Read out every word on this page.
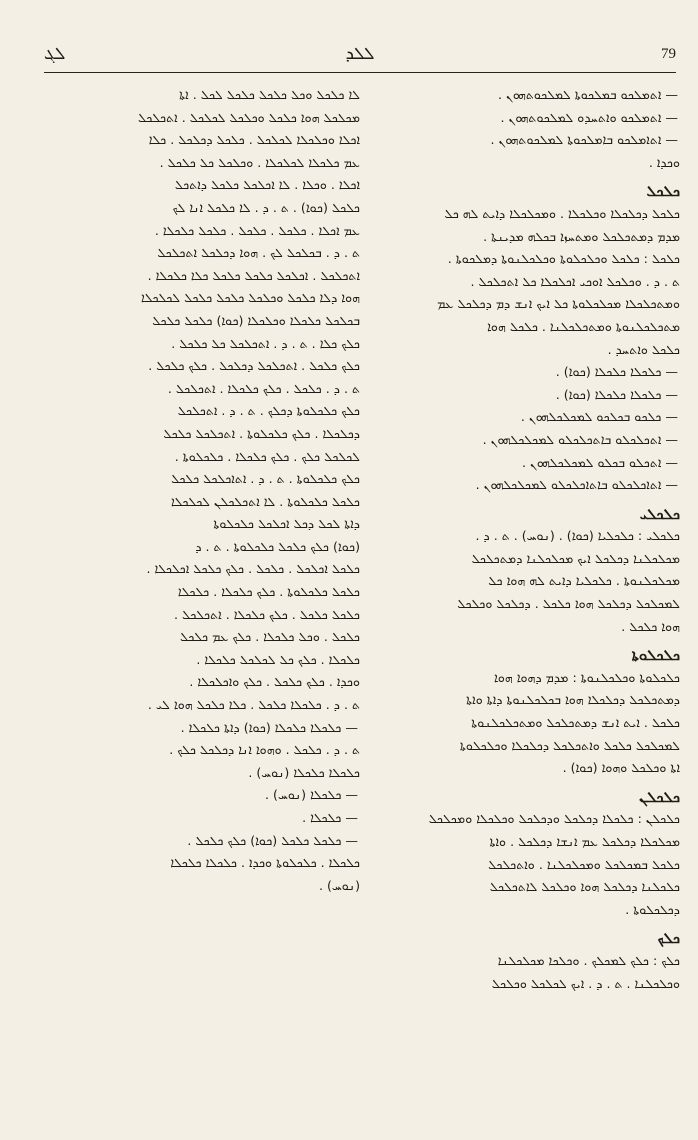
ܠܓ	ܠܠܕ	79
— ܐܬܡܠܟܘ ܒܡܠܟܘܬܐ ܠܡܠܟܘܬܗܘܢ .
— ܐܬܡܠܟܘ ܘܐܬܚܕܘ ܠܡܠܟܘܬܗܘܢ .
— ܐܬܐܡܠܟܘ ܒܐܡܠܟܘܬܐ ܠܡܠܟܘܬܗܘܢ .
ܘܟܕܐ .
ܟܠܟܠ
ܟܠܟܠ ܕܟܠܟܠܐ ܘܟܠܟܠܐ . ܘܡܟܠܟܠܐ ܕܐܝܬ ܠܗ ܟܠ
ܡܕܡ ܕܡܬܟܠܟܠ ܘܡܬܚܙܐ ܒܟܠܗ ܡܕܝܢܬܐ .
ܟܠܟܠ : ܟܠܟܠ ܘܟܠܟܠܘܬܐ ܘܟܠܟܠܢܘܬܐ ܕܡܠܟܘܬܐ .
ܬ . ܕ . ܘܟܠܟܠ ܐܘܟܝ ܐܟܠܟܠܐ ܟܠ ܐܬܟܠܟܠ .
ܘܡܬܟܠܟܠܐ ܡܟܠܟܠܘܬܐ ܟܠ ܐܝܟ ܐܢܫ ܕܡ ܕܟܠܟܠ ܥܡ
ܡܬܟܠܟܠܢܘܬܐ ܘܡܬܟܠܟܠܢܐ . ܟܠܟܠ ܗܘܐ
ܟܠܟܠ ܘܐܬܚܕ .
— ܟܠܟܠܐ ܟܠܟܠܐ (ܟܘܐ) .
— ܟܠܟܠܐ ܟܠܟܠܐ (ܟܘܐ) .
— ܟܠܟܘ ܒܟܠܟܘ ܠܡܟܠܟܠܗܘܢ .
— ܐܬܟܠܟܠܘ ܒܐܬܟܠܟܠܘ ܠܡܟܠܟܠܗܘܢ .
— ܐܬܟܠܘ ܒܟܠܘ ܠܡܟܠܟܠܗܘܢ .
— ܐܬܐܟܠܟܠܘ ܒܐܬܐܟܠܟܠܘ ܠܡܟܠܟܠܗܘܢ .
ܟܠܟܠܝ
ܟܠܟܠܝ : ܟܠܟܠܝܐ (ܟܘܐ) . (ܢܘܚ) . ܬ . ܕ .
ܡܟܠܟܠܢܐ ܕܟܠܟܠ ܐܝܟ ܡܟܠܟܠܢܐ ܕܡܬܟܠܟܠ
ܡܟܠܟܠܢܘܬܐ . ܟܠܟܠܝܐ ܕܐܝܬ ܠܗ ܗܘܐ ܟܠ
ܠܡܟܠܟܠ ܕܟܠܟܠ ܗܘܐ ܟܠܟܠ . ܕܟܠܟܠ ܘܟܠܟܠ
ܗܘܐ ܟܠܟܠ .
ܟܠܟܠܘܬܐ
ܟܠܟܠܘܬܐ ܘܟܠܟܠܢܘܬܐ : ܡܕܡ ܕܗܘܐ ܗܘܐ
ܕܡܬܟܠܟܠ ܕܟܠܟܠܐ ܗܘܐ ܒܟܠܟܠܢܘܬܐ ܕܐܬܐ ܘܐܬܐ
ܟܠܟܠ . ܐܝܬ ܐܢܫ ܕܡܬܟܠܟܠ ܘܡܬܟܠܟܠܢܘܬܐ
ܠܡܟܠܟܠ ܟܠܟܠ ܘܐܬܟܠܟܠ ܕܟܠܟܠܐ ܘܟܠܟܠܘܬܐ
ܐܬܐ ܘܟܠܟܠ ܘܗܘܐ (ܟܘܐ) .
ܟܠܟܠܢ
ܟܠܟܠܢ : ܟܠܟܠܐ ܕܟܠܟܠ ܘܕܟܠܟܠ ܘܟܠܟܠܐ ܘܡܟܠܟܠ
ܡܟܠܟܠܐ ܕܟܠܟܠ ܥܡ ܐܢܫܐ ܕܟܠܟܠ . ܘܐܬܐ
ܟܠܟܠ ܒܡܟܠܟܠ ܘܡܟܠܟܠܢܐ . ܘܐܬܟܠܟܠ
ܟܠܟܠܢܐ ܕܟܠܟܠ ܗܘܐ ܘܟܠܟܠ ܠܐܬܟܠܟܠ
ܕܟܠܟܠܘܬܐ .
ܟܠܟ
ܟܠܟ : ܟܠܟ ܠܡܟܠܟ . ܘܟܠܟܐ ܡܟܠܟܠܢܐ
ܘܟܠܟܠܢܐ . ܬ . ܕ . ܐܝܟ ܠܟܠܟܠ ܘܟܠܟܠ
ܠܐ ܟܠܟܠ ܘܟܠ ܟܠܟܠ ܟܠܟܠ ܠܟܠ . ܐܬܐ
ܡܟܠܟܠ ܗܘܐ ܟܠܟܠ ܘܟܠܟܠ ܠܟܠܟܠ . ܐܬܟܠܟܠ
ܐܟܠܐ ܘܟܠܟܠܐ ܠܟܠܟܠ . ܟܠܟܠ ܕܟܠܟܠ . ܟܠܐ
ܥܡ ܟܠܟܠܐ ܠܟܠܟܠܐ . ܘܟܠܟܠ ܟܠ ܟܠܟܠ .
ܐܟܠܐ . ܘܟܠܐ . ܠܐ ܐܟܠܟܠ ܟܠܟܠ ܕܐܬܟܠ
ܟܠܟܠ (ܟܘܐ) . ܬ . ܕ . ܠܐ ܟܠܟܠ ܐܢܐ ܠܟ
ܥܡ ܐܟܠܐ . ܟܠܟܠ . ܟܠܟܠ . ܟܠܟܠ ܟܠܟܠܐ .
ܬ . ܕ . ܒܟܠܟܠ ܠܟ . ܗܘܐ ܕܟܠܟܠ ܐܬܟܠܟܠ
ܐܬܟܠܟܠ . ܐܟܠܟܠ ܟܠܟܠ ܟܠܟܠ ܟܠܐ ܟܠܟܠܐ .
ܗܘܐ ܕܠܐ ܟܠܟܠ ܘܟܠܟܠ ܟܠܟܠ ܟܠܟܠ ܠܟܠܟܠܐ
ܒܟܠܟܠ ܟܠܟܠܐ ܘܟܠܟܠܐ (ܟܘܐ) ܟܠܟܠ ܟܠܟܠ
ܟܠܟ ܟܠܐ . ܬ . ܕ . ܐܬܟܠܟܠ ܟܠ ܟܠܟܠ .
ܟܠܟ ܟܠܟܠ . ܐܬܟܠܟܠ ܕܟܠܟܠ . ܟܠܟ ܟܠܟܠ .
ܬ . ܕ . ܟܠܟܠ . ܟܠܟ ܟܠܟܠܐ . ܐܬܟܠܟܠ .
ܟܠܟ ܟܠܟܠܘܬܐ ܕܟܠܟ . ܬ . ܕ . ܐܬܟܠܟܠ
ܕܟܠܟܠܐ . ܟܠܟ ܟܠܟܠܘܬܐ . ܐܬܟܠܟܠ ܟܠܟܠ
ܠܟܠܟܠ ܟܠܟ . ܟܠܟ ܟܠܟܠܐ . ܟܠܟܠܘܬܐ .
ܟܠܟ ܟܠܟܠܘܬܐ . ܬ . ܕ . ܐܬܐܟܠܟܠ ܟܠܟܠ
ܟܠܟܠ ܟܠܟܠܘܬܐ . ܠܐ ܐܬܟܠܟܠܢ ܠܟܠܟܠܐ
ܕܐܬܐ ܠܟܠ ܕܟܠ ܐܟܠܟܠ ܟܠܟܠܘܬܐ
(ܟܘܐ) ܟܠܟ ܟܠܟܠ ܟܠܟܠܘܬܐ . ܬ . ܕ
ܟܠܟܠ ܐܟܠܟܠ . ܟܠܟܠ . ܟܠܟ ܟܠܟܠ ܐܟܠܟܠܐ .
ܟܠܟܠ ܟܠܟܠܘܬܐ . ܟܠܟ ܟܠܟܠܐ . ܟܠܟܠܐ
ܟܠܟܠ ܟܠܟܠ . ܟܠܟ ܟܠܟܠܐ . ܐܬܟܠܟܠ .
ܟܠܟܠ . ܘܟܠ ܟܠܟܠܐ . ܟܠܟ ܥܡ ܟܠܟܠ
ܟܠܟܠܐ . ܟܠܟ ܟܠ ܠܟܠܟܠ ܟܠܟܠܐ .
ܘܟܕܐ . ܟܠܟ ܟܠܟܠ . ܟܠܟ ܘܐܟܠܟܠܐ .
ܬ . ܕ . ܟܠܟܠܐ ܟܠܟܠ . ܟܠܐ ܟܠܟܠ ܗܘܐ ܠܝ .
— ܟܠܟܠܐ ܟܠܟܠܐ (ܟܘܐ) ܕܐܬܐ ܟܠܟܠܐ .
ܬ . ܕ . ܟܠܟܠ . ܘܗܘܐ ܐܢܐ ܕܟܠܟܠ ܟܠܟ .
ܟܠܟܠܐ ܟܠܟܠܐ (ܢܘܚ) .
— ܟܠܟܠܐ (ܢܘܚ) .
— ܟܠܟܠܐ .
— ܟܠܟܠ ܟܠܟܠ (ܟܘܐ) ܟܠܟ ܟܠܟܠ .
ܟܠܟܠܐ . ܟܠܟܠܘܬܐ ܘܟܕܐ . ܟܠܟܠܐ ܟܠܟܠܐ
(ܢܘܚ) .
